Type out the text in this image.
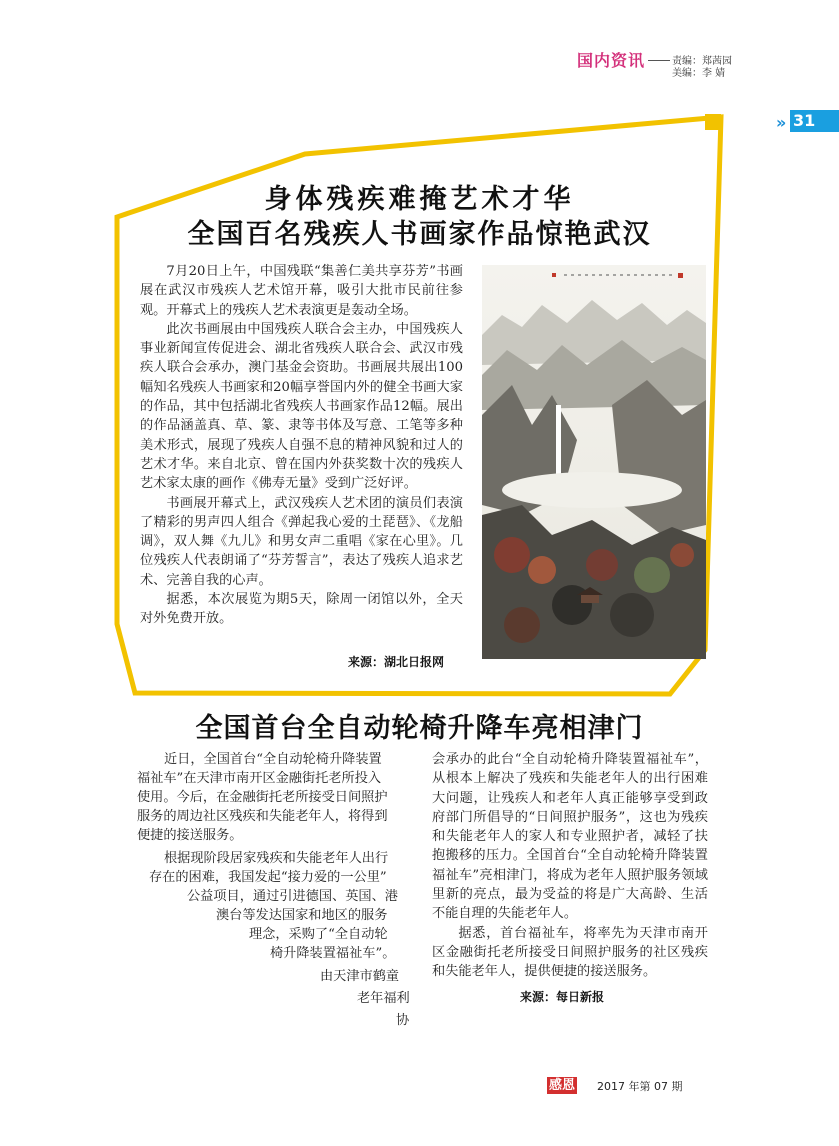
国内资讯	责编：郑茜园
美编：李 婧
» 31
身体残疾难掩艺术才华
全国百名残疾人书画家作品惊艳武汉

7月20日上午，中国残联“集善仁美共享芬芳”书画展在武汉市残疾人艺术馆开幕，吸引大批市民前往参观。开幕式上的残疾人艺术表演更是轰动全场。

此次书画展由中国残疾人联合会主办，中国残疾人事业新闻宣传促进会、湖北省残疾人联合会、武汉市残疾人联合会承办，澳门基金会资助。书画展共展出100幅知名残疾人书画家和20幅享誉国内外的健全书画大家的作品，其中包括湖北省残疾人书画家作品12幅。展出的作品涵盖真、草、篆、隶等书体及写意、工笔等多种美术形式，展现了残疾人自强不息的精神风貌和过人的艺术才华。来自北京、曾在国内外获奖数十次的残疾人艺术家太康的画作《佛寿无量》受到广泛好评。

书画展开幕式上，武汉残疾人艺术团的演员们表演了精彩的男声四人组合《弹起我心爱的土琵琶》、《龙船调》，双人舞《九儿》和男女声二重唱《家在心里》。几位残疾人代表朗诵了“芬芳誓言”，表达了残疾人追求艺术、完善自我的心声。

据悉，本次展览为期5天，除周一闭馆以外，全天对外免费开放。

来源：湖北日报网
全国首台全自动轮椅升降车亮相津门
近日，全国首台“全自动轮椅升降装置
福祉车”在天津市南开区金融街托老所投入
使用。今后，在金融街托老所接受日间照护
服务的周边社区残疾和失能老年人，将得到
便捷的接送服务。
根据现阶段居家残疾和失能老年人出行
存在的困难，我国发起“接力爱的一公里”
公益项目，通过引进德国、英国、港
澳台等发达国家和地区的服务
理念，采购了“全自动轮
椅升降装置福祉车”。
由天津市鹤童
老年福利
协

会承办的此台“全自动轮椅升降装置福祉车”，从根本上解决了残疾和失能老年人的出行困难大问题，让残疾人和老年人真正能够享受到政府部门所倡导的“日间照护服务”，这也为残疾和失能老年人的家人和专业照护者，减轻了扶抱搬移的压力。全国首台“全自动轮椅升降装置福祉车”亮相津门，将成为老年人照护服务领域里新的亮点，最为受益的将是广大高龄、生活不能自理的失能老年人。

据悉，首台福祉车，将率先为天津市南开区金融街托老所接受日间照护服务的社区残疾和失能老年人，提供便捷的接送服务。

来源：每日新报
感恩 2017 年第 07 期
